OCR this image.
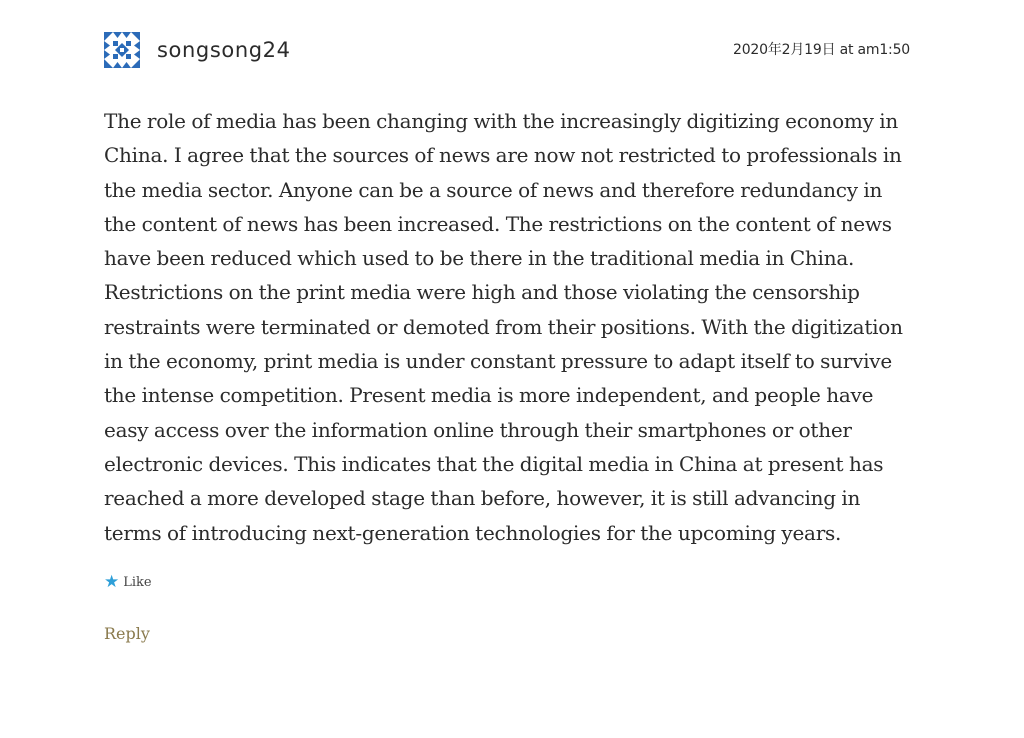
songsong24	2020年2月19日 at am1:50
The role of media has been changing with the increasingly digitizing economy in China. I agree that the sources of news are now not restricted to professionals in the media sector. Anyone can be a source of news and therefore redundancy in the content of news has been increased. The restrictions on the content of news have been reduced which used to be there in the traditional media in China. Restrictions on the print media were high and those violating the censorship restraints were terminated or demoted from their positions. With the digitization in the economy, print media is under constant pressure to adapt itself to survive the intense competition. Present media is more independent, and people have easy access over the information online through their smartphones or other electronic devices. This indicates that the digital media in China at present has reached a more developed stage than before, however, it is still advancing in terms of introducing next-generation technologies for the upcoming years.
★ Like
Reply
